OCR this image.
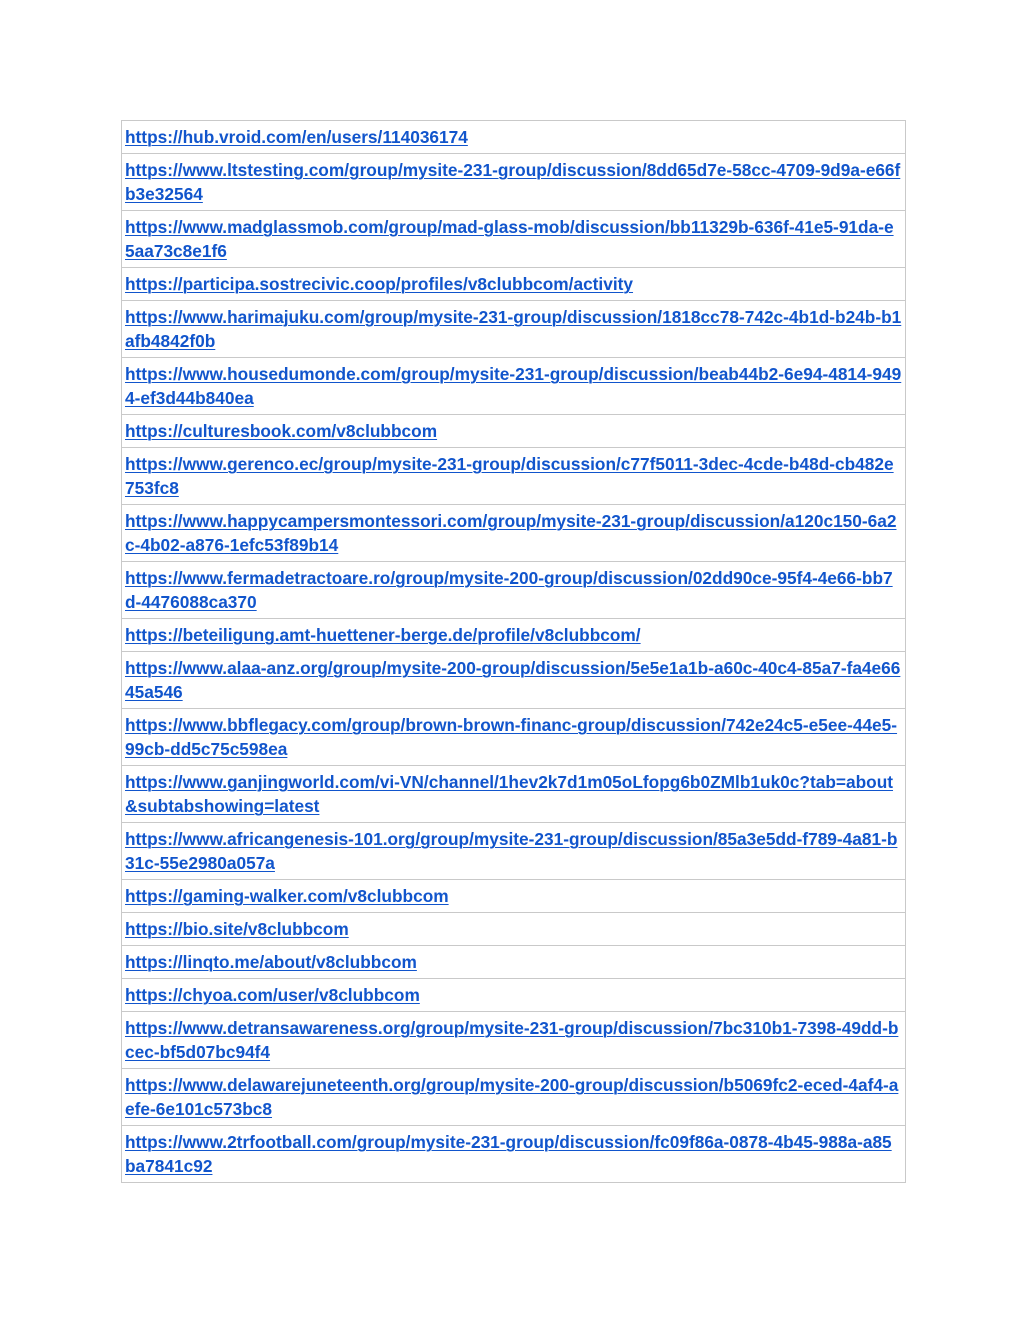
https://hub.vroid.com/en/users/114036174
https://www.ltstesting.com/group/mysite-231-group/discussion/8dd65d7e-58cc-4709-9d9a-e66fb3e32564
https://www.madglassmob.com/group/mad-glass-mob/discussion/bb11329b-636f-41e5-91da-e5aa73c8e1f6
https://participa.sostrecivic.coop/profiles/v8clubbcom/activity
https://www.harimajuku.com/group/mysite-231-group/discussion/1818cc78-742c-4b1d-b24b-b1afb4842f0b
https://www.housedumonde.com/group/mysite-231-group/discussion/beab44b2-6e94-4814-9494-ef3d44b840ea
https://culturesbook.com/v8clubbcom
https://www.gerenco.ec/group/mysite-231-group/discussion/c77f5011-3dec-4cde-b48d-cb482e753fc8
https://www.happycampersmontessori.com/group/mysite-231-group/discussion/a120c150-6a2c-4b02-a876-1efc53f89b14
https://www.fermadetractoare.ro/group/mysite-200-group/discussion/02dd90ce-95f4-4e66-bb7d-4476088ca370
https://beteiligung.amt-huettener-berge.de/profile/v8clubbcom/
https://www.alaa-anz.org/group/mysite-200-group/discussion/5e5e1a1b-a60c-40c4-85a7-fa4e6645a546
https://www.bbflegacy.com/group/brown-brown-financ-group/discussion/742e24c5-e5ee-44e5-99cb-dd5c75c598ea
https://www.ganjingworld.com/vi-VN/channel/1hev2k7d1m05oLfopg6b0ZMlb1uk0c?tab=about&subtabshowing=latest
https://www.africangenesis-101.org/group/mysite-231-group/discussion/85a3e5dd-f789-4a81-b31c-55e2980a057a
https://gaming-walker.com/v8clubbcom
https://bio.site/v8clubbcom
https://linqto.me/about/v8clubbcom
https://chyoa.com/user/v8clubbcom
https://www.detransawareness.org/group/mysite-231-group/discussion/7bc310b1-7398-49dd-bcec-bf5d07bc94f4
https://www.delawarejuneteenth.org/group/mysite-200-group/discussion/b5069fc2-eced-4af4-aefe-6e101c573bc8
https://www.2trfootball.com/group/mysite-231-group/discussion/fc09f86a-0878-4b45-988a-a85ba7841c92
